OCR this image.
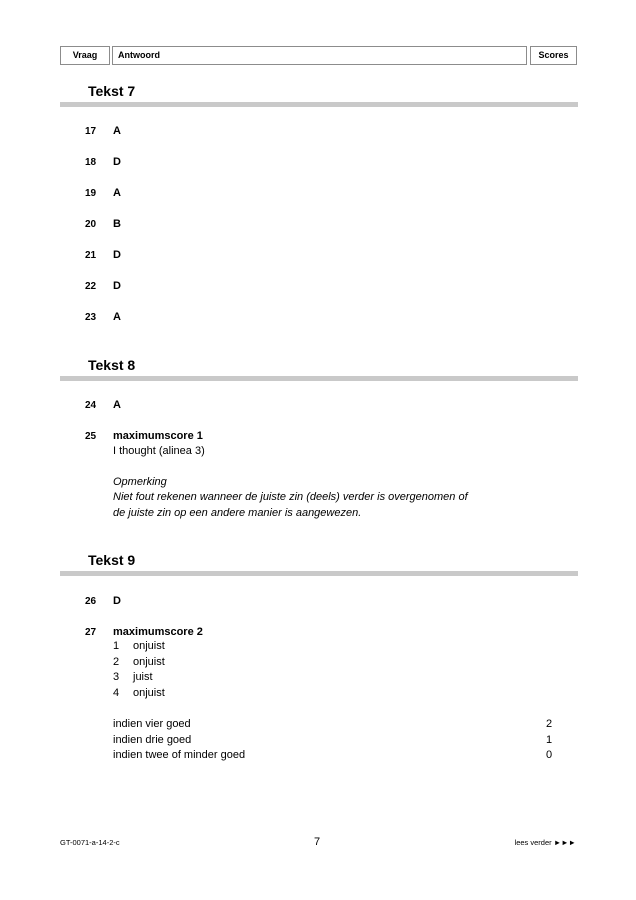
Vraag	Antwoord	Scores
Tekst 7
17 A
18 D
19 A
20 B
21 D
22 D
23 A
Tekst 8
24 A
25 maximumscore 1
I thought (alinea 3)
Opmerking
Niet fout rekenen wanneer de juiste zin (deels) verder is overgenomen of
de juiste zin op een andere manier is aangewezen.
Tekst 9
26 D
27 maximumscore 2
1 onjuist
2 onjuist
3 juist
4 onjuist
indien vier goed	2
indien drie goed	1
indien twee of minder goed	0
GT-0071-a-14-2-c	7	lees verder ►►►
